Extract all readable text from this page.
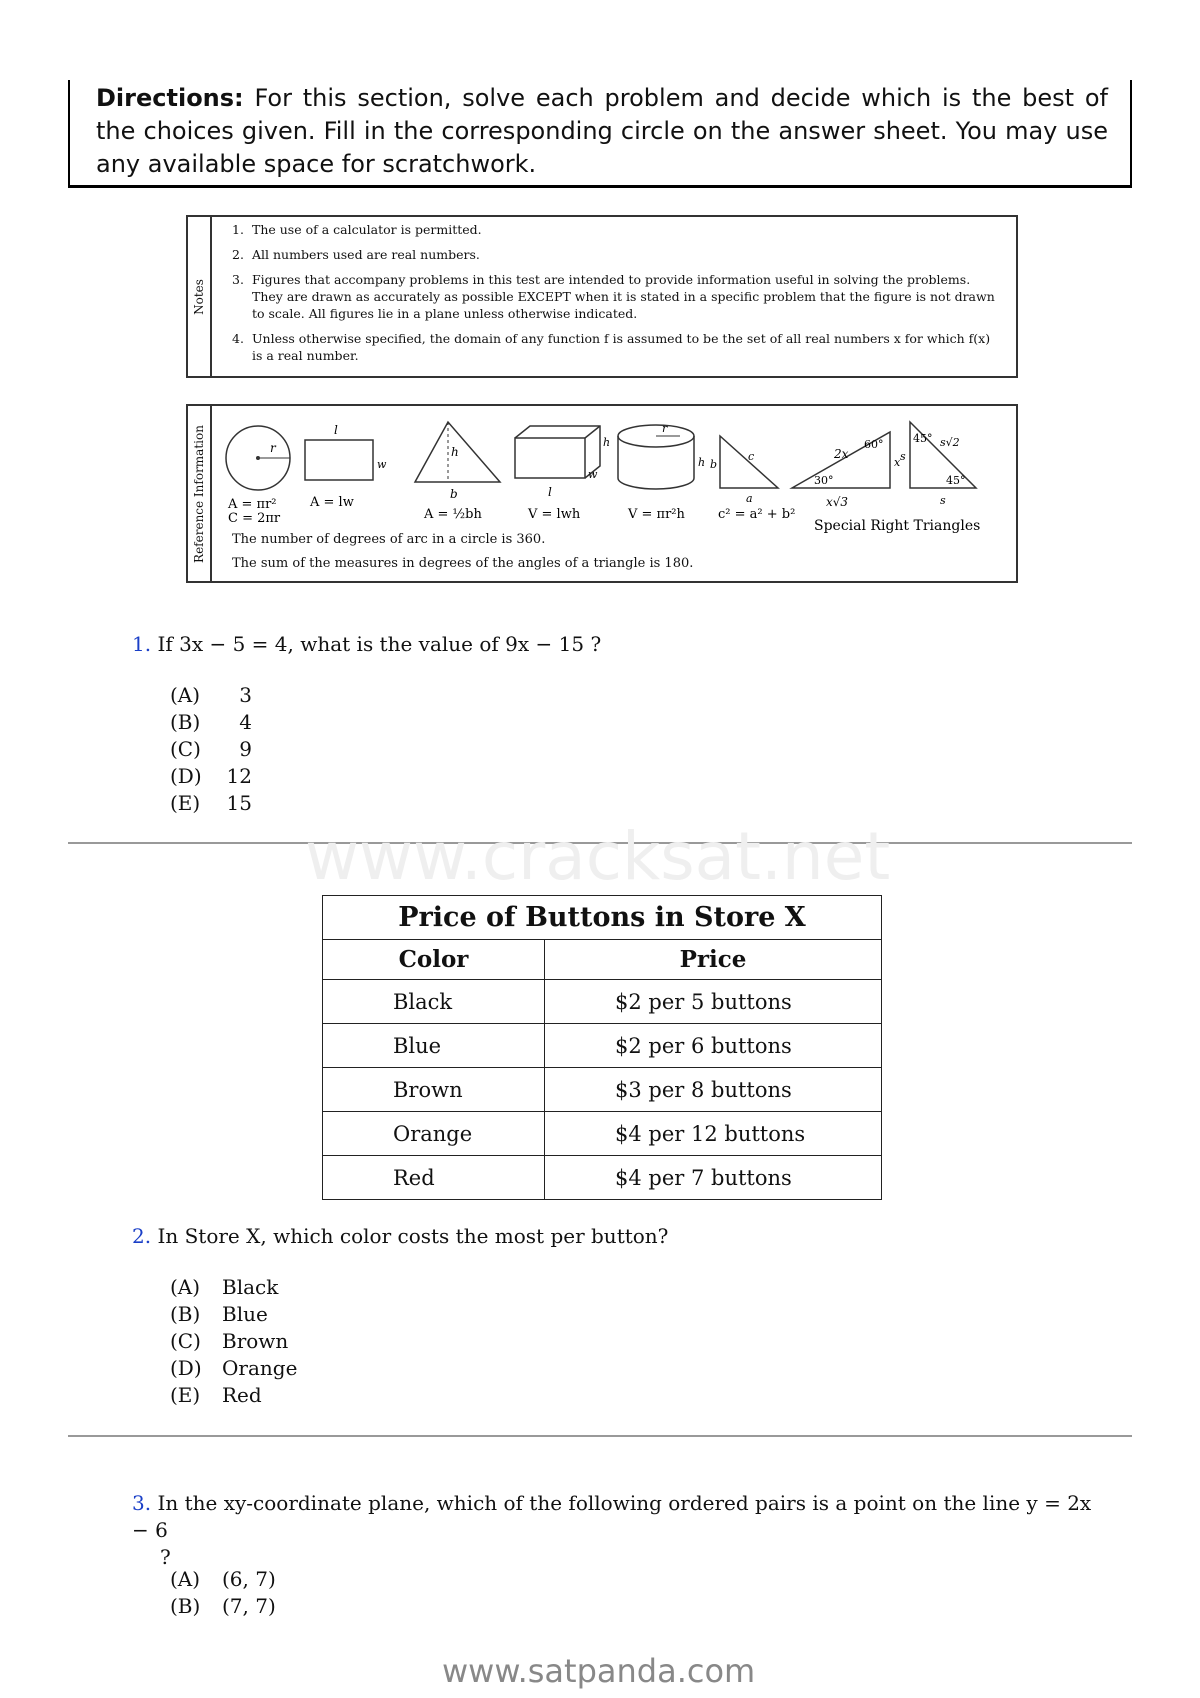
Directions: For this section, solve each problem and decide which is the best of the choices given. Fill in the corresponding circle on the answer sheet. You may use any available space for scratchwork.
Notes
1. The use of a calculator is permitted.
2. All numbers used are real numbers.
3. Figures that accompany problems in this test are intended to provide information useful in solving the problems. They are drawn as accurately as possible EXCEPT when it is stated in a specific problem that the figure is not drawn to scale. All figures lie in a plane unless otherwise indicated.
4. Unless otherwise specified, the domain of any function f is assumed to be the set of all real numbers x for which f(x) is a real number.
Reference Information	r
A = πr²
C = 2πr
l
w
A = lw
h
b
A = ½bh
h
w
l
V = lwh
r
h
V = πr²h
b
c
a
c² = a² + b²
2x
60°
30°
x
x√3
45° s√2
s
45°
s
Special Right Triangles
The number of degrees of arc in a circle is 360.
The sum of the measures in degrees of the angles of a triangle is 180.
1. If 3x − 5 = 4, what is the value of 9x − 15 ?
(A)	3
(B)	4
(C)	9
(D)	12
(E)	15
www.cracksat.net
Price of Buttons in Store X
Color	Price
Black	$2 per 5 buttons
Blue	$2 per 6 buttons
Brown	$3 per 8 buttons
Orange	$4 per 12 buttons
Red	$4 per 7 buttons
2. In Store X, which color costs the most per button?
(A)	Black
(B)	Blue
(C)	Brown
(D)	Orange
(E)	Red
3. In the xy-coordinate plane, which of the following ordered pairs is a point on the line y = 2x − 6
?
(A)	(6, 7)
(B)	(7, 7)
www.satpanda.com
